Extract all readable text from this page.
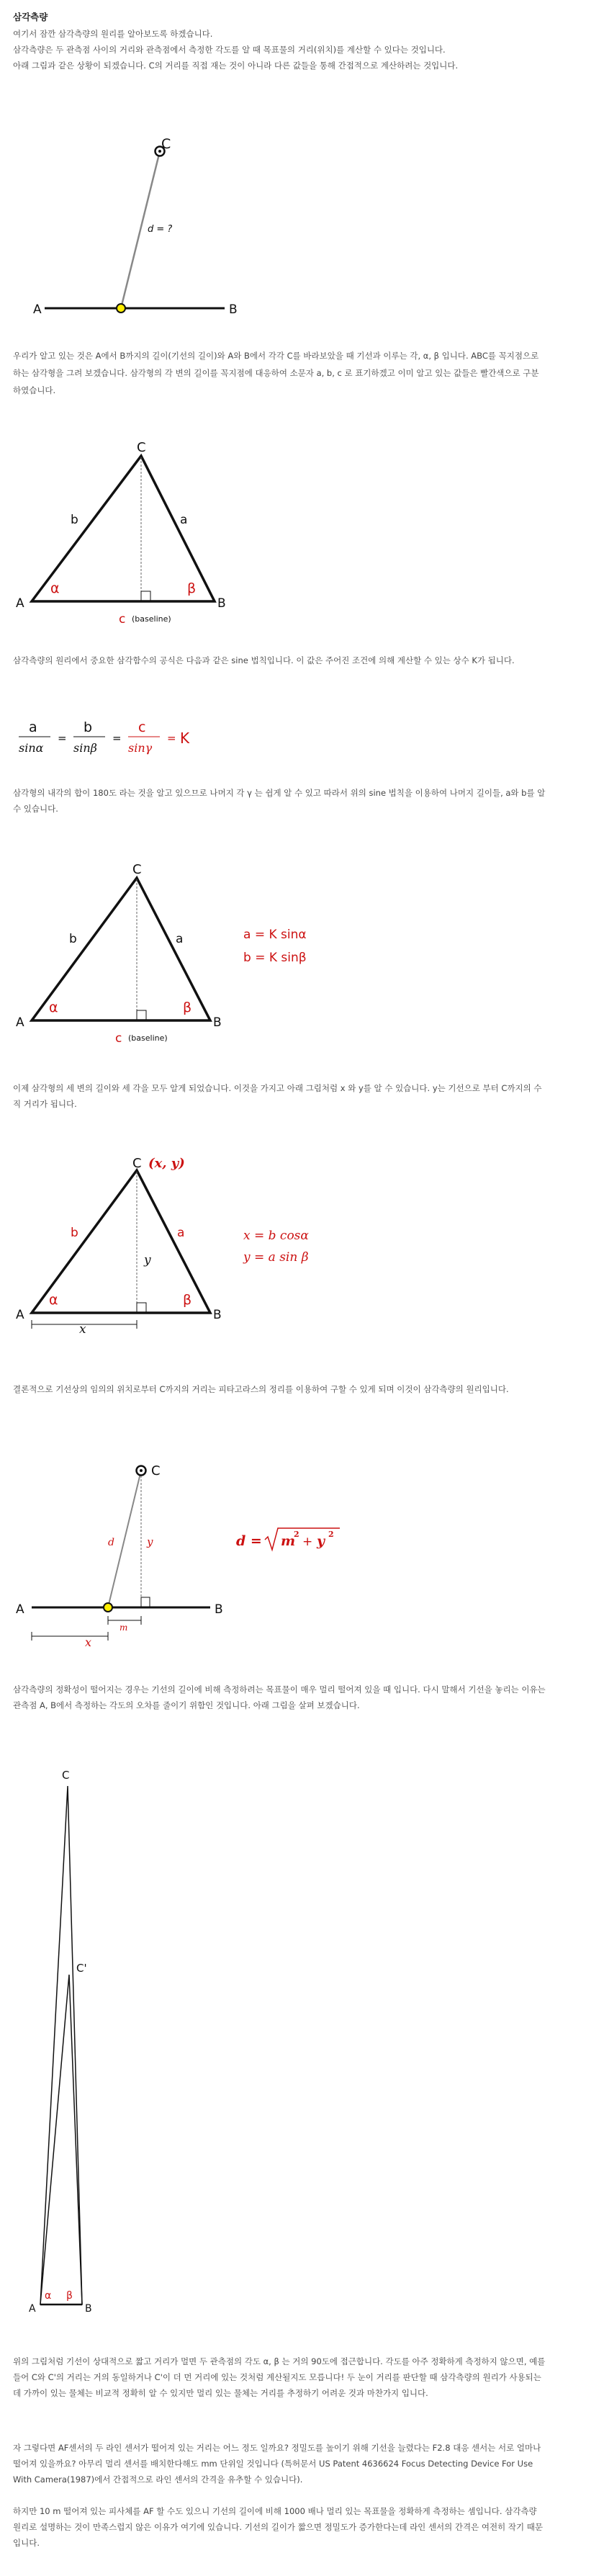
삼각측량
여기서 잠깐 삼각측량의 원리를 알아보도록 하겠습니다.
삼각측량은 두 관측점 사이의 거리와 관측점에서 측정한 각도를 알 때 목표물의 거리(위치)를 계산할 수 있다는 것입니다.
아래 그림과 같은 상황이 되겠습니다. C의 거리를 직접 재는 것이 아니라 다른 값들을 통해 간접적으로 계산하려는 것입니다.
C
d = ?
A	B
우리가 알고 있는 것은 A에서 B까지의 길이(기선의 길이)와 A와 B에서 각각 C를 바라보았을 때 기선과 이루는 각, α, β 입니다. ABC를 꼭지점으로 하는 삼각형을 그려 보겠습니다. 삼각형의 각 변의 길이를 꼭지점에 대응하여 소문자 a, b, c 로 표기하겠고 이미 알고 있는 값들은 빨간색으로 구분하였습니다.
C
A	B
b	a
α	β
c (baseline)
삼각측량의 원리에서 중요한 삼각함수의 공식은 다음과 같은 sine 법칙입니다. 이 값은 주어진 조건에 의해 계산할 수 있는 상수 K가 됩니다.
a
sinα
=
b
sinβ
=
c
sinγ
= K
삼각형의 내각의 합이 180도 라는 것을 알고 있으므로 나머지 각 γ 는 쉽게 알 수 있고 따라서 위의 sine 법칙을 이용하여 나머지 길이들, a와 b를 알 수 있습니다.
C
A	B
b	a
α	β
c (baseline)
a = K sinα
b = K sinβ
이제 삼각형의 세 변의 길이와 세 각을 모두 알게 되었습니다. 이것을 가지고 아래 그림처럼 x 와 y를 알 수 있습니다. y는 기선으로 부터 C까지의 수직 거리가 됩니다.
C (x, y)
A	B
b	a
y
α	β
x
x = b cosα
y = a sin β
결론적으로 기선상의 임의의 위치로부터 C까지의 거리는 피타고라스의 정리를 이용하여 구할 수 있게 되며 이것이 삼각측량의 원리입니다.
C
A	B
d	y
m
x
d = m
2
+ y 2
삼각측량의 정확성이 떨어지는 경우는 기선의 길이에 비해 측정하려는 목표물이 매우 멀리 떨어져 있을 때 입니다. 다시 말해서 기선을 놓리는 이유는 관측점 A, B에서 측정하는 각도의 오차를 줄이기 위함인 것입니다. 아래 그림을 살펴 보겠습니다.
C
C'
A	B
α β
위의 그림처럼 기선이 상대적으로 짧고 거리가 멀면 두 관측점의 각도 α, β 는 거의 90도에 접근합니다. 각도를 아주 정확하게 측정하지 않으면, 예를 들어 C와 C'의 거리는 거의 동일하거나 C'이 더 먼 거리에 있는 것처럼 계산될지도 모릅니다! 두 눈이 거리를 판단할 때 삼각측량의 원리가 사용되는데 가까이 있는 물체는 비교적 정확히 알 수 있지만 멀리 있는 물체는 거리를 추정하기 어려운 것과 마찬가지 입니다.
자 그렇다면 AF센서의 두 라인 센서가 떨어져 있는 거리는 어느 정도 일까요? 정밀도를 높이기 위해 기선을 늘렸다는 F2.8 대응 센서는 서로 얼마나 떨어져 있을까요? 아무리 멀리 센서를 배치한다해도 mm 단위일 것입니다 (특허문서 US Patent 4636624 Focus Detecting Device For Use With Camera(1987)에서 간접적으로 라인 센서의 간격을 유추할 수 있습니다).
하지만 10 m 떨어져 있는 피사체를 AF 할 수도 있으니 기선의 길이에 비해 1000 배나 멀리 있는 목표물을 정확하게 측정하는 셈입니다. 삼각측량 원리로 설명하는 것이 만족스럽지 않은 이유가 여기에 있습니다. 기선의 길이가 짧으면 정밀도가 증가한다는데 라인 센서의 간격은 여전히 작기 때문입니다.
